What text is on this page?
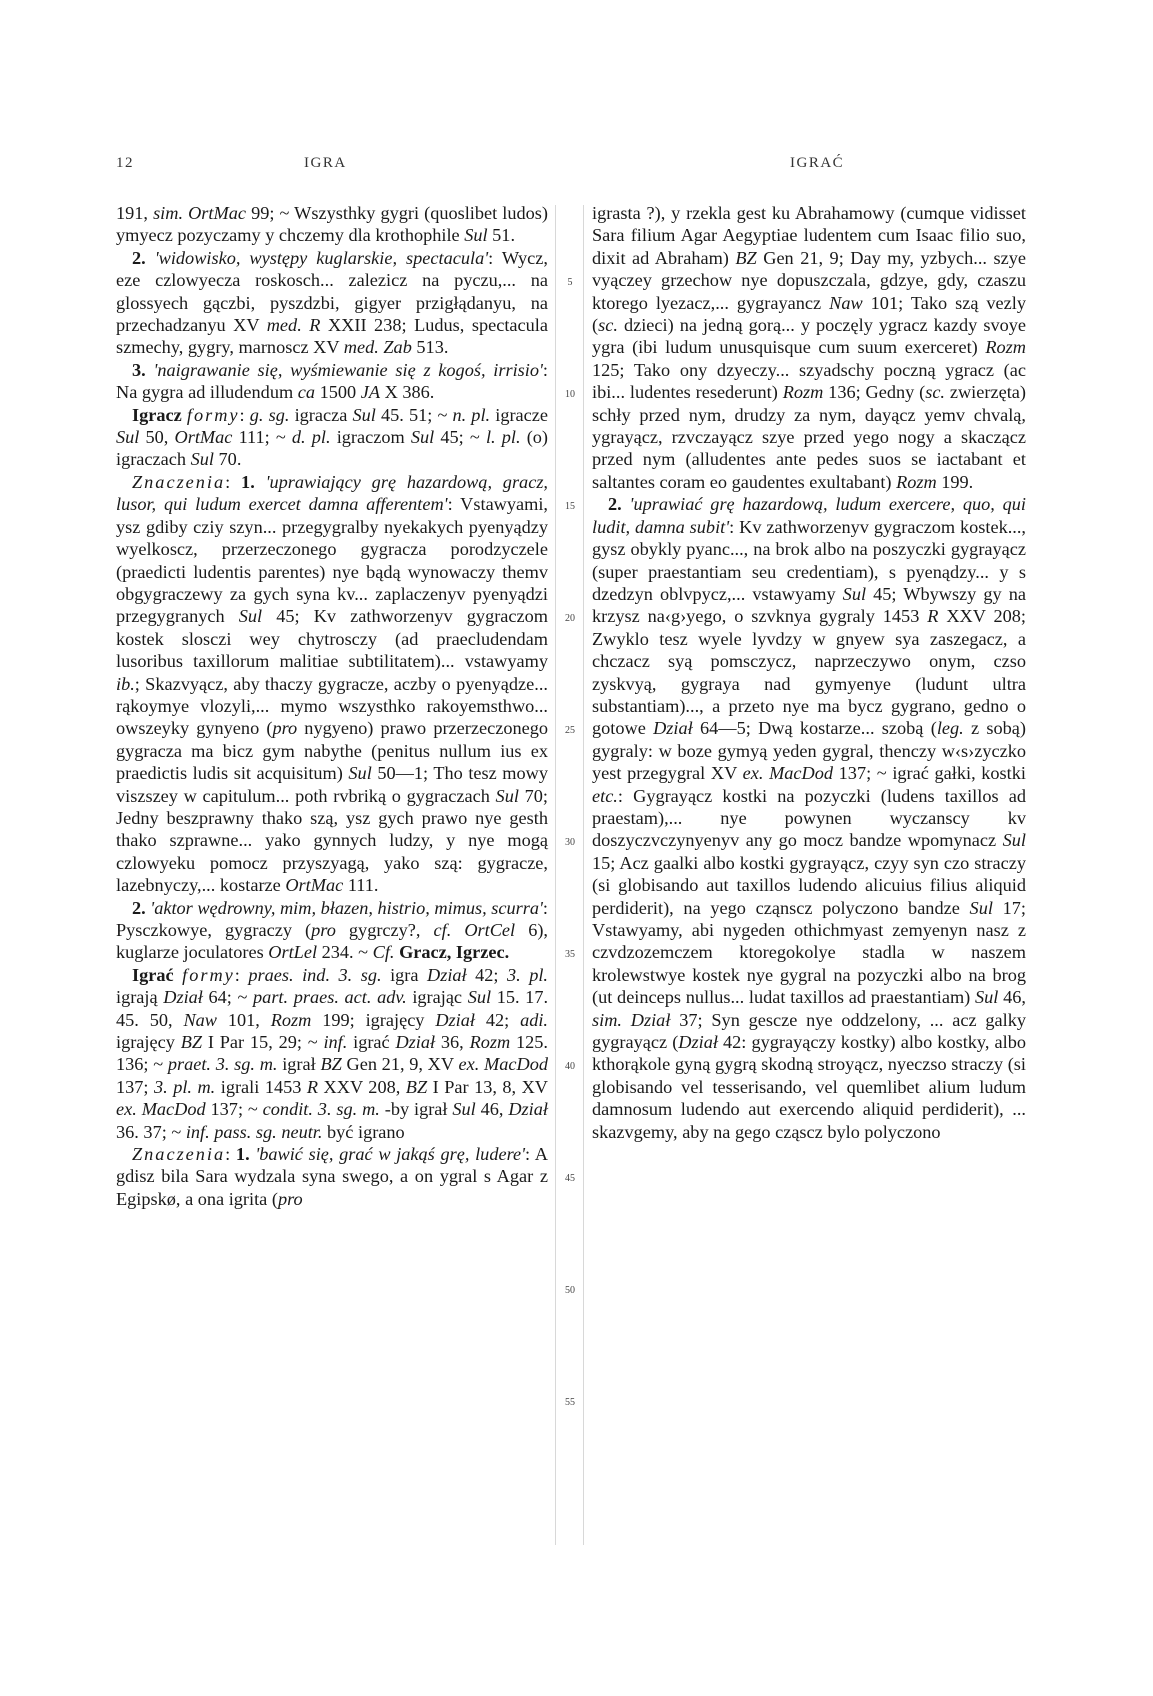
12	IGRA	IGRAĆ

191, sim. OrtMac 99; ~ Wszysthky gygri (quoslibet ludos) ymyecz pozyczamy y chczemy dla krothophile Sul 51.

2. 'widowisko, występy kuglarskie, spectacula': Wycz, eze czlowyecza roskosch... zalezicz na pyczu,... na glossyech gączbi, pyszdzbi, gigyer przigłądanyu, na przechadzanyu XV med. R XXII 238; Ludus, spectacula szmechy, gygry, marnoscz XV med. Zab 513.

3. 'naigrawanie się, wyśmiewanie się z kogoś, irrisio': Na gygra ad illudendum ca 1500 JA X 386.

Igracz formy: g. sg. igracza Sul 45. 51; ~ n. pl. igracze Sul 50, OrtMac 111; ~ d. pl. igraczom Sul 45; ~ l. pl. (o) igraczach Sul 70.

Znaczenia: 1. 'uprawiający grę hazardową, gracz, lusor, qui ludum exercet damna afferentem': Vstawyami, ysz gdiby cziy szyn... przegygralby nyekakych pyenyądzy wyelkoscz, przerzeczonego gygracza porodzyczele (praedicti ludentis parentes) nye bądą wynowaczy themv obgygraczewy za gych syna kv... zaplaczenyv pyenyądzi przegygranych Sul 45; Kv zathworzenyv gygraczom kostek slosczi wey chytrosczy (ad praecludendam lusoribus taxillorum malitiae subtilitatem)... vstawyamy ib.; Skazvyącz, aby thaczy gygracze, aczby o pyenyądze... rąkoymye vlozyli,... mymo wszysthko rakoyemsthwo... owszeyky gynyeno (pro nygyeno) prawo przerzeczonego gygracza ma bicz gym nabythe (penitus nullum ius ex praedictis ludis sit acquisitum) Sul 50—1; Tho tesz mowy viszszey w capitulum... poth rvbriką o gygraczach Sul 70; Jedny beszprawny thako szą, ysz gych prawo nye gesth thako szprawne... yako gynnych ludzy, y nye mogą czlowyeku pomocz przyszyagą, yako szą: gygracze, lazebnyczy,... kostarze OrtMac 111.

2. 'aktor wędrowny, mim, błazen, histrio, mimus, scurra': Pysczkowye, gygraczy (pro gygrczy?, cf. OrtCel 6), kuglarze joculatores OrtLel 234. ~ Cf. Gracz, Igrzec.

Igrać formy: praes. ind. 3. sg. igra Dział 42; 3. pl. igrają Dział 64; ~ part. praes. act. adv. igrając Sul 15. 17. 45. 50, Naw 101, Rozm 199; igrajęcy Dział 42; adi. igrajęcy BZ I Par 15, 29; ~ inf. igrać Dział 36, Rozm 125. 136; ~ praet. 3. sg. m. igrał BZ Gen 21, 9, XV ex. MacDod 137; 3. pl. m. igrali 1453 R XXV 208, BZ I Par 13, 8, XV ex. MacDod 137; ~ condit. 3. sg. m. -by igrał Sul 46, Dział 36. 37; ~ inf. pass. sg. neutr. być igrano

Znaczenia: 1. 'bawić się, grać w jakąś grę, ludere': A gdisz bila Sara wydzala syna swego, a on ygral s Agar z Egipskø, a ona igrita (pro

5
10
15
20
25
30
35
40
45
50
55

igrasta ?), y rzekla gest ku Abrahamowy (cumque vidisset Sara filium Agar Aegyptiae ludentem cum Isaac filio suo, dixit ad Abraham) BZ Gen 21, 9; Day my, yzbych... szye vyączey grzechow nye dopuszczala, gdzye, gdy, czaszu ktorego lyezacz,... gygrayancz Naw 101; Tako szą vezly (sc. dzieci) na jedną gorą... y poczęly ygracz kazdy svoye ygra (ibi ludum unusquisque cum suum exerceret) Rozm 125; Tako ony dzyeczy... szyadschy poczną ygracz (ac ibi... ludentes resederunt) Rozm 136; Gedny (sc. zwierzęta) schły przed nym, drudzy za nym, dayącz yemv chvalą, ygrayącz, rzvczayącz szye przed yego nogy a skaczącz przed nym (alludentes ante pedes suos se iactabant et saltantes coram eo gaudentes exultabant) Rozm 199.

2. 'uprawiać grę hazardową, ludum exercere, quo, qui ludit, damna subit': Kv zathworzenyv gygraczom kostek..., gysz obykly pyanc..., na brok albo na poszyczki gygrayącz (super praestantiam seu credentiam), s pyenądzy... y s dzedzyn oblvpycz,... vstawyamy Sul 45; Wbywszy gy na krzysz na‹g›yego, o szvknya gygraly 1453 R XXV 208; Zwyklo tesz wyele lyvdzy w gnyew sya zaszegacz, a chczacz syą pomsczycz, naprzeczywo onym, czso zyskvyą, gygraya nad gymyenye (ludunt ultra substantiam)..., a przeto nye ma bycz gygrano, gedno o gotowe Dział 64—5; Dwą kostarze... szobą (leg. z sobą) gygraly: w boze gymyą yeden gygral, thenczy w‹s›zyczko yest przegygral XV ex. MacDod 137; ~ igrać gałki, kostki etc.: Gygrayącz kostki na pozyczki (ludens taxillos ad praestam),... nye powynen wyczanscy kv doszyczvczynyenyv any go mocz bandze wpomynacz Sul 15; Acz gaalki albo kostki gygrayącz, czyy syn czo straczy (si globisando aut taxillos ludendo alicuius filius aliquid perdiderit), na yego cząnscz polyczono bandze Sul 17; Vstawyamy, abi nygeden othichmyast zemyenyn nasz z czvdzozemczem ktoregokolye stadla w naszem krolewstwye kostek nye gygral na pozyczki albo na brog (ut deinceps nullus... ludat taxillos ad praestantiam) Sul 46, sim. Dział 37; Syn gescze nye oddzelony, ... acz galky gygrayącz (Dział 42: gygrayączy kostky) albo kostky, albo kthorąkole gyną gygrą skodną stroyącz, nyeczso straczy (si globisando vel tesserisando, vel quemlibet alium ludum damnosum ludendo aut exercendo aliquid perdiderit), ... skazvgemy, aby na gego cząscz bylo polyczono
